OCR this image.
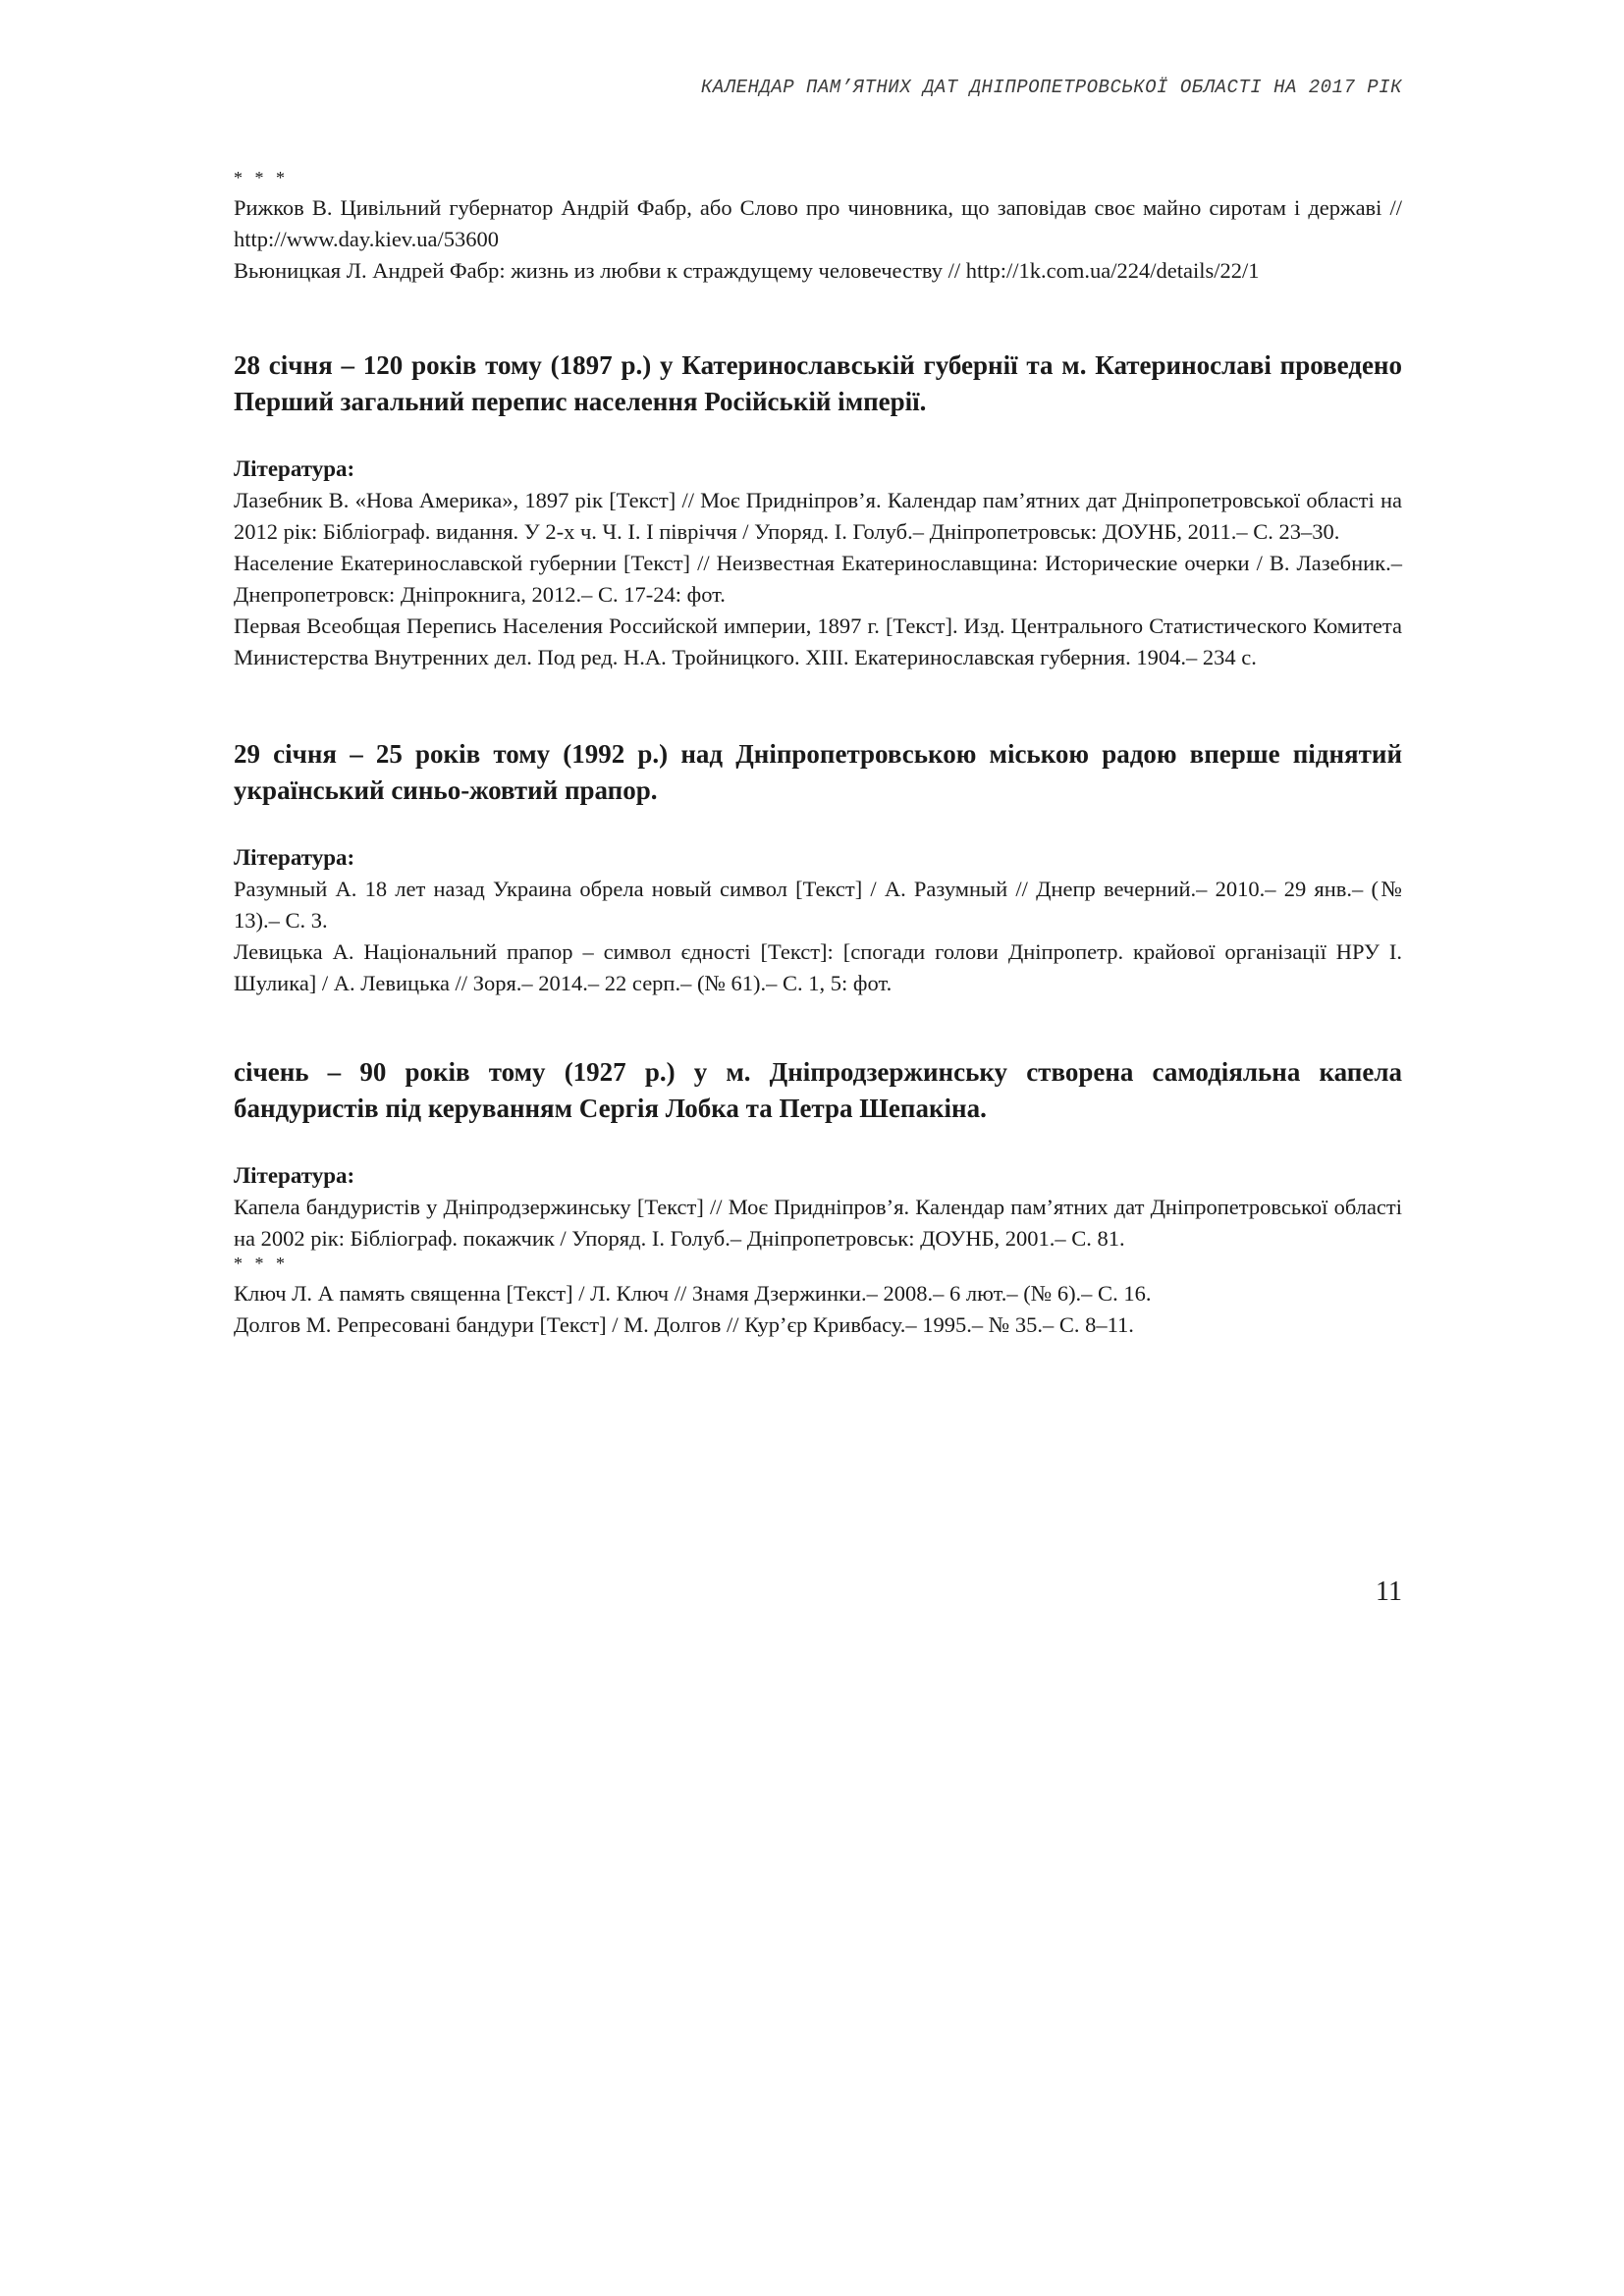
КАЛЕНДАР ПАМ’ЯТНИХ ДАТ ДНІПРОПЕТРОВСЬКОЇ ОБЛАСТІ НА 2017 РІК

* * *

Рижков В. Цивільний губернатор Андрій Фабр, або Слово про чиновника, що заповідав своє майно сиротам і державі // http://www.day.kiev.ua/53600

Вьюницкая Л. Андрей Фабр: жизнь из любви к страждущему человечеству // http://1k.com.ua/224/details/22/1

28 січня – 120 років тому (1897 р.) у Катеринославській губернії та м. Катеринославі проведено Перший загальний перепис населення Російській імперії.

Література:

Лазебник В. «Нова Америка», 1897 рік [Текст] // Моє Придніпров’я. Календар пам’ятних дат Дніпропетровської області на 2012 рік: Бібліограф. видання. У 2-х ч. Ч. І. І півріччя / Упоряд. І. Голуб.– Дніпропетровськ: ДОУНБ, 2011.– С. 23–30.

Население Екатеринославской губернии [Текст] // Неизвестная Екатеринославщина: Исторические очерки / В. Лазебник.– Днепропетровск: Дніпрокнига, 2012.– С. 17-24: фот.

Первая Всеобщая Перепись Населения Российской империи, 1897 г. [Текст]. Изд. Центрального Статистического Комитета Министерства Внутренних дел. Под ред. Н.А. Тройницкого. XIII. Екатеринославская губерния. 1904.– 234 с.

29 січня – 25 років тому (1992 р.) над Дніпропетровською міською радою вперше піднятий український синьо-жовтий прапор.

Література:

Разумный А. 18 лет назад Украина обрела новый символ [Текст] / А. Разумный // Днепр вечерний.– 2010.– 29 янв.– (№ 13).– С. 3.

Левицька А. Національний прапор – символ єдності [Текст]: [спогади голови Дніпропетр. крайової організації НРУ І. Шулика] / А. Левицька // Зоря.– 2014.– 22 серп.– (№ 61).– С. 1, 5: фот.

січень – 90 років тому (1927 р.) у м. Дніпродзержинську створена самодіяльна капела бандуристів під керуванням Сергія Лобка та Петра Шепакіна.

Література:

Капела бандуристів у Дніпродзержинську [Текст] // Моє Придніпров’я. Календар пам’ятних дат Дніпропетровської області на 2002 рік: Бібліограф. покажчик / Упоряд. І. Голуб.– Дніпропетровськ: ДОУНБ, 2001.– С. 81.

* * *

Ключ Л. А память священна [Текст] / Л. Ключ // Знамя Дзержинки.– 2008.– 6 лют.– (№ 6).– С. 16.

Долгов М. Репресовані бандури [Текст] / М. Долгов // Кур’єр Кривбасу.– 1995.– № 35.– С. 8–11.

11
